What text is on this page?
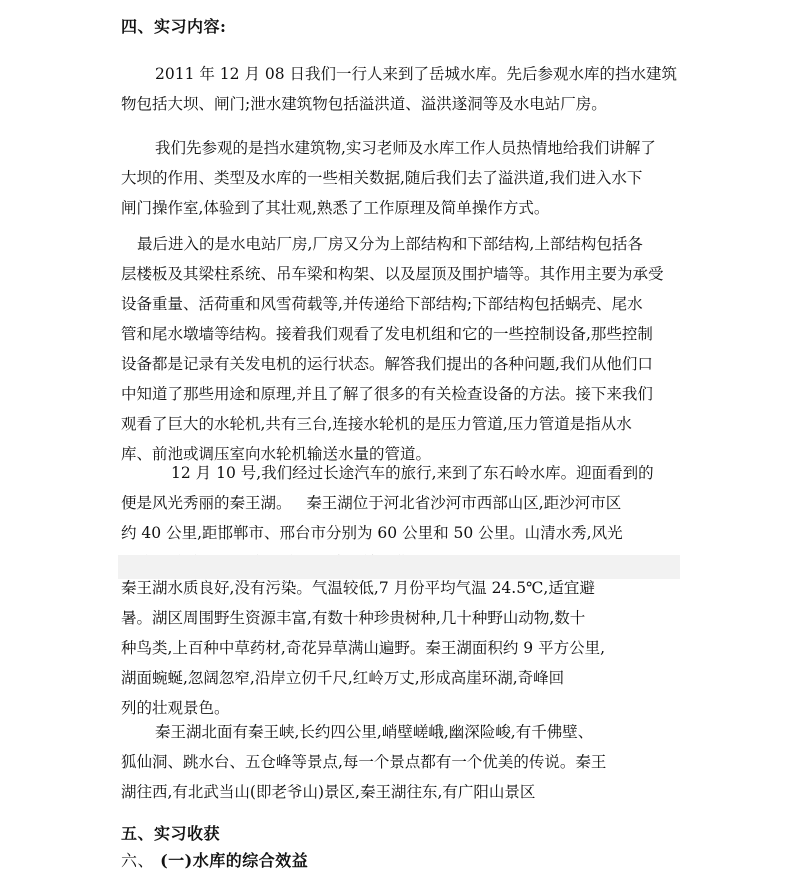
四、实习内容:
2011 年 12 月 08 日我们一行人来到了岳城水库。先后参观水库的挡水建筑
物包括大坝、闸门;泄水建筑物包括溢洪道、溢洪遂洞等及水电站厂房。
我们先参观的是挡水建筑物,实习老师及水库工作人员热情地给我们讲解了
大坝的作用、类型及水库的一些相关数据,随后我们去了溢洪道,我们进入水下
闸门操作室,体验到了其壮观,熟悉了工作原理及简单操作方式。
最后进入的是水电站厂房,厂房又分为上部结构和下部结构,上部结构包括各
层楼板及其梁柱系统、吊车梁和构架、以及屋顶及围护墙等。其作用主要为承受
设备重量、活荷重和风雪荷载等,并传递给下部结构;下部结构包括蜗壳、尾水
管和尾水墩墙等结构。接着我们观看了发电机组和它的一些控制设备,那些控制
设备都是记录有关发电机的运行状态。解答我们提出的各种问题,我们从他们口
中知道了那些用途和原理,并且了解了很多的有关检查设备的方法。接下来我们
观看了巨大的水轮机,共有三台,连接水轮机的是压力管道,压力管道是指从水
库、前池或调压室向水轮机输送水量的管道。
12 月 10 号,我们经过长途汽车的旅行,来到了东石岭水库。迎面看到的
便是风光秀丽的秦王湖。   秦王湖位于河北省沙河市西部山区,距沙河市区
约 40 公里,距邯郸市、邢台市分别为 60 公里和 50 公里。山清水秀,风光
秦王湖水质良好,没有污染。气温较低,7 月份平均气温 24.5℃,适宜避
暑。湖区周围野生资源丰富,有数十种珍贵树种,几十种野山动物,数十
种鸟类,上百种中草药材,奇花异草满山遍野。秦王湖面积约 9 平方公里,
湖面蜿蜒,忽阔忽窄,沿岸立仞千尺,红岭万丈,形成高崖环湖,奇峰回
列的壮观景色。
秦王湖北面有秦王峡,长约四公里,峭壁嵯峨,幽深险峻,有千佛壁、
狐仙洞、跳水台、五仓峰等景点,每一个景点都有一个优美的传说。秦王
湖往西,有北武当山(即老爷山)景区,秦王湖往东,有广阳山景区
五、实习收获
六、 (一)水库的综合效益
